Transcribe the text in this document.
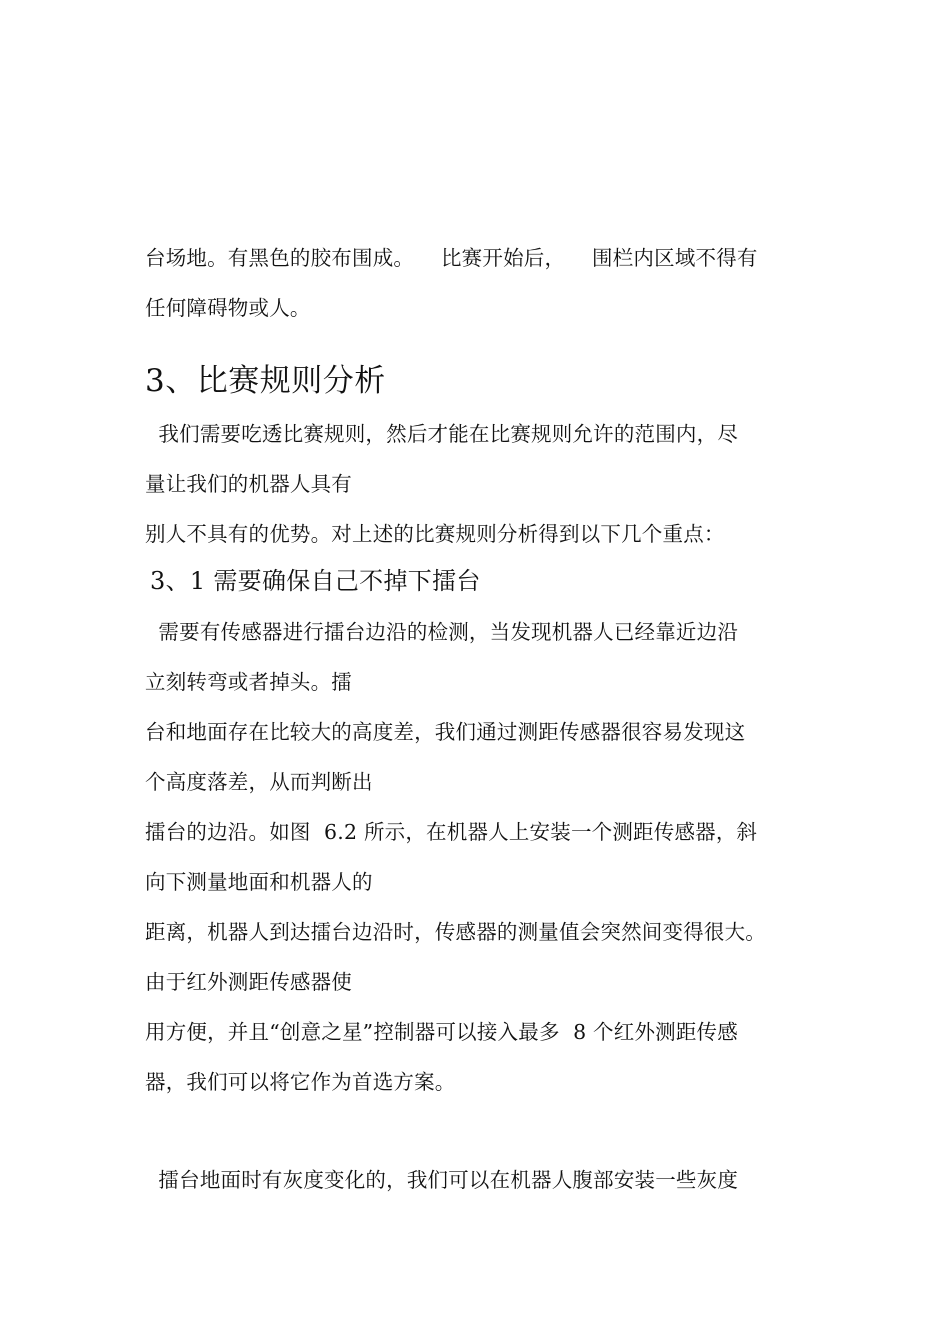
台场地。有黑色的胶布围成。    比赛开始后，    围栏内区域不得有
任何障碍物或人。
3、比赛规则分析
我们需要吃透比赛规则，然后才能在比赛规则允许的范围内，尽
量让我们的机器人具有
别人不具有的优势。对上述的比赛规则分析得到以下几个重点：
3、1 需要确保自己不掉下擂台
需要有传感器进行擂台边沿的检测，当发现机器人已经靠近边沿
立刻转弯或者掉头。擂
台和地面存在比较大的高度差，我们通过测距传感器很容易发现这
个高度落差，从而判断出
擂台的边沿。如图  6.2 所示，在机器人上安装一个测距传感器，斜
向下测量地面和机器人的
距离，机器人到达擂台边沿时，传感器的测量值会突然间变得很大。
由于红外测距传感器使
用方便，并且“创意之星”控制器可以接入最多  8 个红外测距传感
器，我们可以将它作为首选方案。
擂台地面时有灰度变化的，我们可以在机器人腹部安装一些灰度
